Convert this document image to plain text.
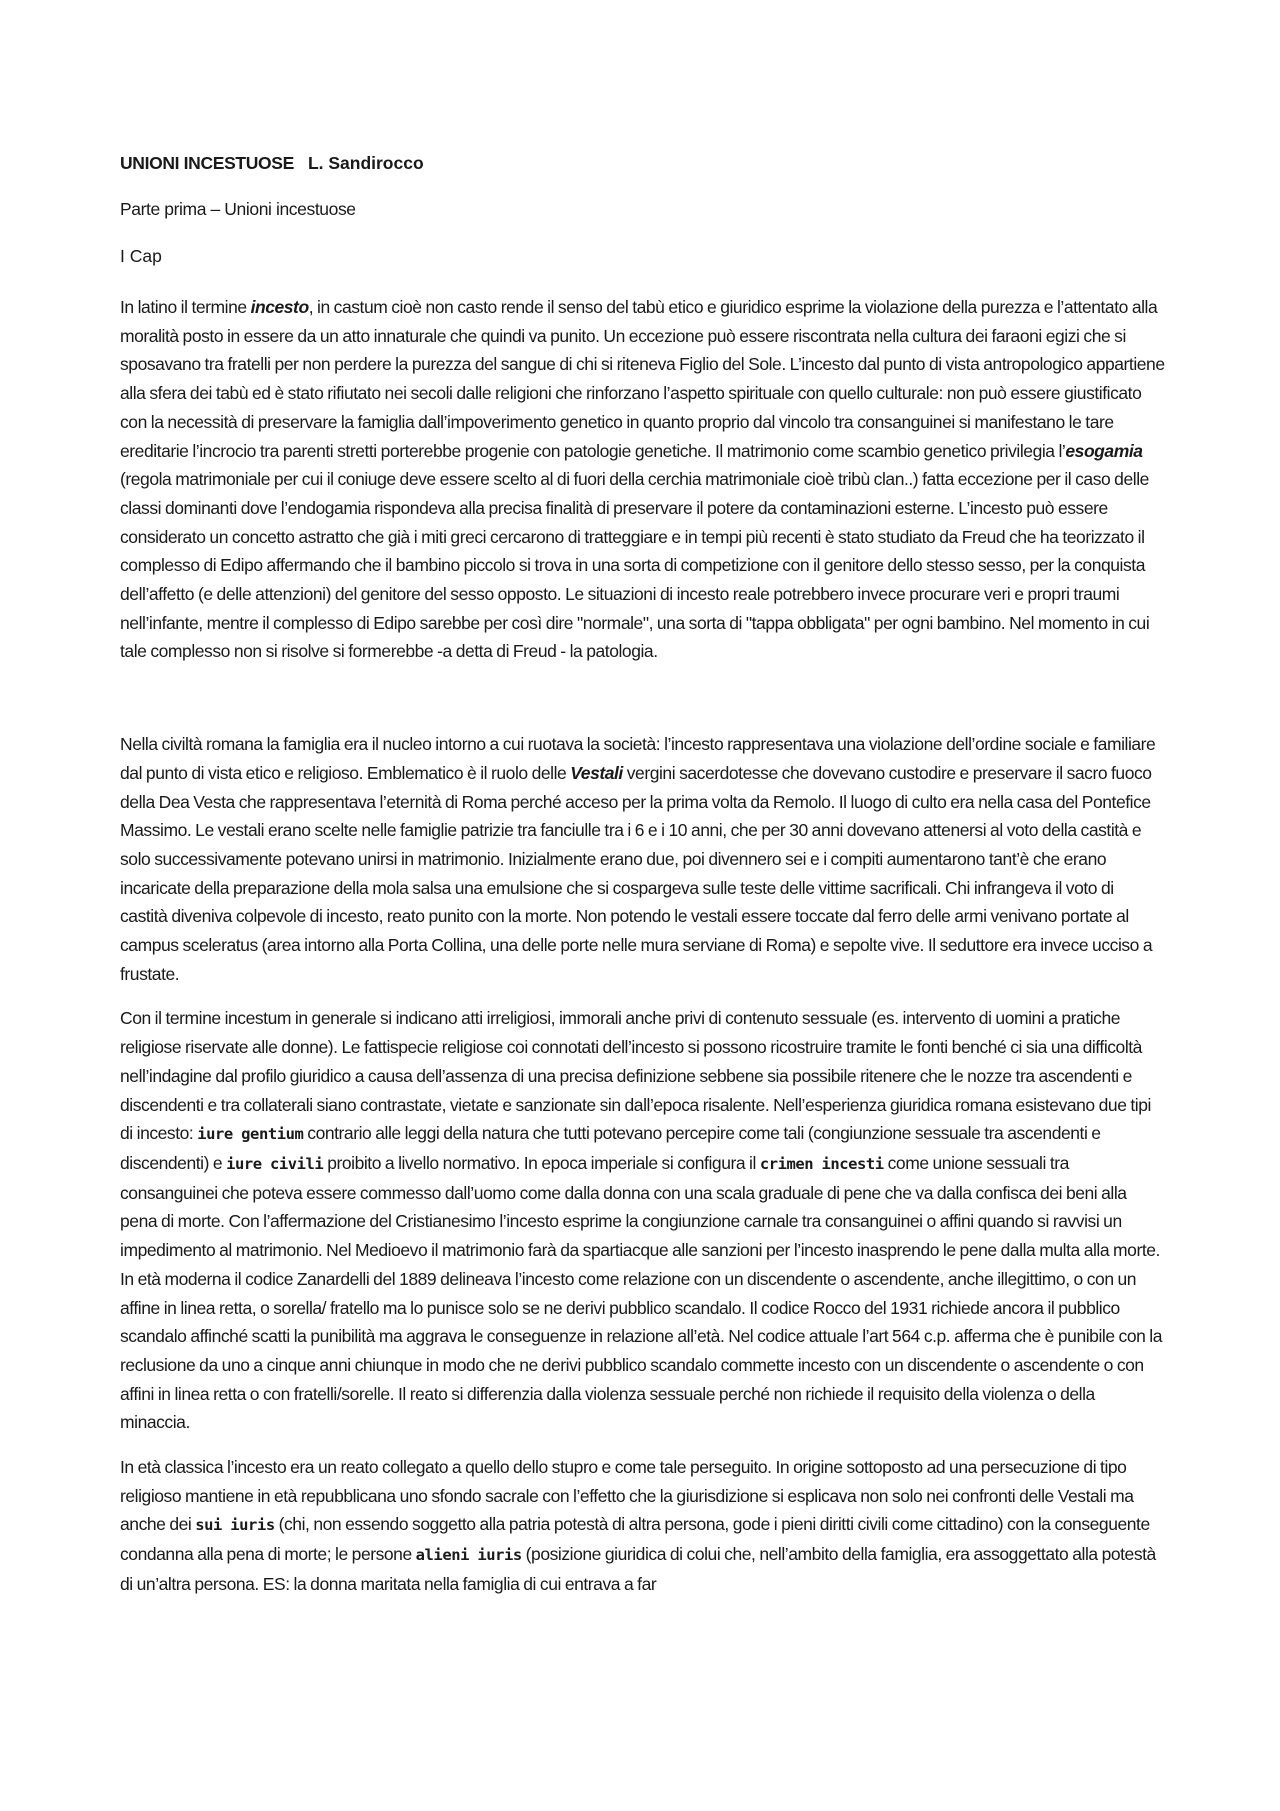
UNIONI INCESTUOSE L. Sandirocco

Parte prima – Unioni incestuose

I Cap

In latino il termine incesto, in castum cioè non casto rende il senso del tabù etico e giuridico esprime la violazione della purezza e l’attentato alla moralità posto in essere da un atto innaturale che quindi va punito. Un eccezione può essere riscontrata nella cultura dei faraoni egizi che si sposavano tra fratelli per non perdere la purezza del sangue di chi si riteneva Figlio del Sole. L’incesto dal punto di vista antropologico appartiene alla sfera dei tabù ed è stato rifiutato nei secoli dalle religioni che rinforzano l’aspetto spirituale con quello culturale: non può essere giustificato con la necessità di preservare la famiglia dall’impoverimento genetico in quanto proprio dal vincolo tra consanguinei si manifestano le tare ereditarie l’incrocio tra parenti stretti porterebbe progenie con patologie genetiche. Il matrimonio come scambio genetico privilegia l’esogamia (regola matrimoniale per cui il coniuge deve essere scelto al di fuori della cerchia matrimoniale cioè tribù clan..) fatta eccezione per il caso delle classi dominanti dove l’endogamia rispondeva alla precisa finalità di preservare il potere da contaminazioni esterne. L’incesto può essere considerato un concetto astratto che già i miti greci cercarono di tratteggiare e in tempi più recenti è stato studiato da Freud che ha teorizzato il complesso di Edipo affermando che il bambino piccolo si trova in una sorta di competizione con il genitore dello stesso sesso, per la conquista dell’affetto (e delle attenzioni) del genitore del sesso opposto. Le situazioni di incesto reale potrebbero invece procurare veri e propri traumi nell’infante, mentre il complesso di Edipo sarebbe per così dire "normale", una sorta di "tappa obbligata" per ogni bambino. Nel momento in cui tale complesso non si risolve si formerebbe -a detta di Freud - la patologia.

Nella civiltà romana la famiglia era il nucleo intorno a cui ruotava la società: l’incesto rappresentava una violazione dell’ordine sociale e familiare dal punto di vista etico e religioso. Emblematico è il ruolo delle Vestali vergini sacerdotesse che dovevano custodire e preservare il sacro fuoco della Dea Vesta che rappresentava l’eternità di Roma perché acceso per la prima volta da Remolo. Il luogo di culto era nella casa del Pontefice Massimo. Le vestali erano scelte nelle famiglie patrizie tra fanciulle tra i 6 e i 10 anni, che per 30 anni dovevano attenersi al voto della castità e solo successivamente potevano unirsi in matrimonio. Inizialmente erano due, poi divennero sei e i compiti aumentarono tant’è che erano incaricate della preparazione della mola salsa una emulsione che si cospargeva sulle teste delle vittime sacrificali. Chi infrangeva il voto di castità diveniva colpevole di incesto, reato punito con la morte. Non potendo le vestali essere toccate dal ferro delle armi venivano portate al campus sceleratus (area intorno alla Porta Collina, una delle porte nelle mura serviane di Roma) e sepolte vive. Il seduttore era invece ucciso a frustate.

Con il termine incestum in generale si indicano atti irreligiosi, immorali anche privi di contenuto sessuale (es. intervento di uomini a pratiche religiose riservate alle donne). Le fattispecie religiose coi connotati dell’incesto si possono ricostruire tramite le fonti benché ci sia una difficoltà nell’indagine dal profilo giuridico a causa dell’assenza di una precisa definizione sebbene sia possibile ritenere che le nozze tra ascendenti e discendenti e tra collaterali siano contrastate, vietate e sanzionate sin dall’epoca risalente. Nell’esperienza giuridica romana esistevano due tipi di incesto: iure gentium contrario alle leggi della natura che tutti potevano percepire come tali (congiunzione sessuale tra ascendenti e discendenti) e iure civili proibito a livello normativo. In epoca imperiale si configura il crimen incesti come unione sessuali tra consanguinei che poteva essere commesso dall’uomo come dalla donna con una scala graduale di pene che va dalla confisca dei beni alla pena di morte. Con l’affermazione del Cristianesimo l’incesto esprime la congiunzione carnale tra consanguinei o affini quando si ravvisi un impedimento al matrimonio. Nel Medioevo il matrimonio farà da spartiacque alle sanzioni per l’incesto inasprendo le pene dalla multa alla morte. In età moderna il codice Zanardelli del 1889 delineava l’incesto come relazione con un discendente o ascendente, anche illegittimo, o con un affine in linea retta, o sorella/ fratello ma lo punisce solo se ne derivi pubblico scandalo. Il codice Rocco del 1931 richiede ancora il pubblico scandalo affinché scatti la punibilità ma aggrava le conseguenze in relazione all’età. Nel codice attuale l’art 564 c.p. afferma che è punibile con la reclusione da uno a cinque anni chiunque in modo che ne derivi pubblico scandalo commette incesto con un discendente o ascendente o con affini in linea retta o con fratelli/sorelle. Il reato si differenzia dalla violenza sessuale perché non richiede il requisito della violenza o della minaccia.

In età classica l’incesto era un reato collegato a quello dello stupro e come tale perseguito. In origine sottoposto ad una persecuzione di tipo religioso mantiene in età repubblicana uno sfondo sacrale con l’effetto che la giurisdizione si esplicava non solo nei confronti delle Vestali ma anche dei sui iuris (chi, non essendo soggetto alla patria potestà di altra persona, gode i pieni diritti civili come cittadino) con la conseguente condanna alla pena di morte; le persone alieni iuris (posizione giuridica di colui che, nell’ambito della famiglia, era assoggettato alla potestà di un’altra persona. ES: la donna maritata nella famiglia di cui entrava a far
